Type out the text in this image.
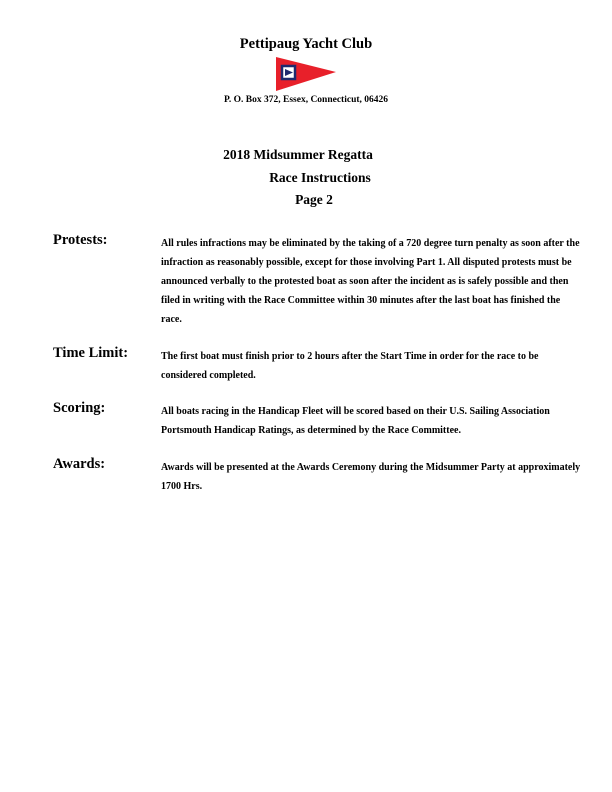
Pettipaug Yacht Club
P. O. Box 372, Essex, Connecticut, 06426
2018 Midsummer Regatta
Race Instructions
Page 2
Protests:	All rules infractions may be eliminated by the taking of a 720 degree turn penalty as soon after the infraction as reasonably possible, except for those involving Part 1. All disputed protests must be announced verbally to the protested boat as soon after the incident as is safely possible and then filed in writing with the Race Committee within 30 minutes after the last boat has finished the race.
Time Limit:	The first boat must finish prior to 2 hours after the Start Time in order for the race to be considered completed.
Scoring:	All boats racing in the Handicap Fleet will be scored based on their U.S. Sailing Association Portsmouth Handicap Ratings, as determined by the Race Committee.
Awards:	Awards will be presented at the Awards Ceremony during the Midsummer Party at approximately 1700 Hrs.
